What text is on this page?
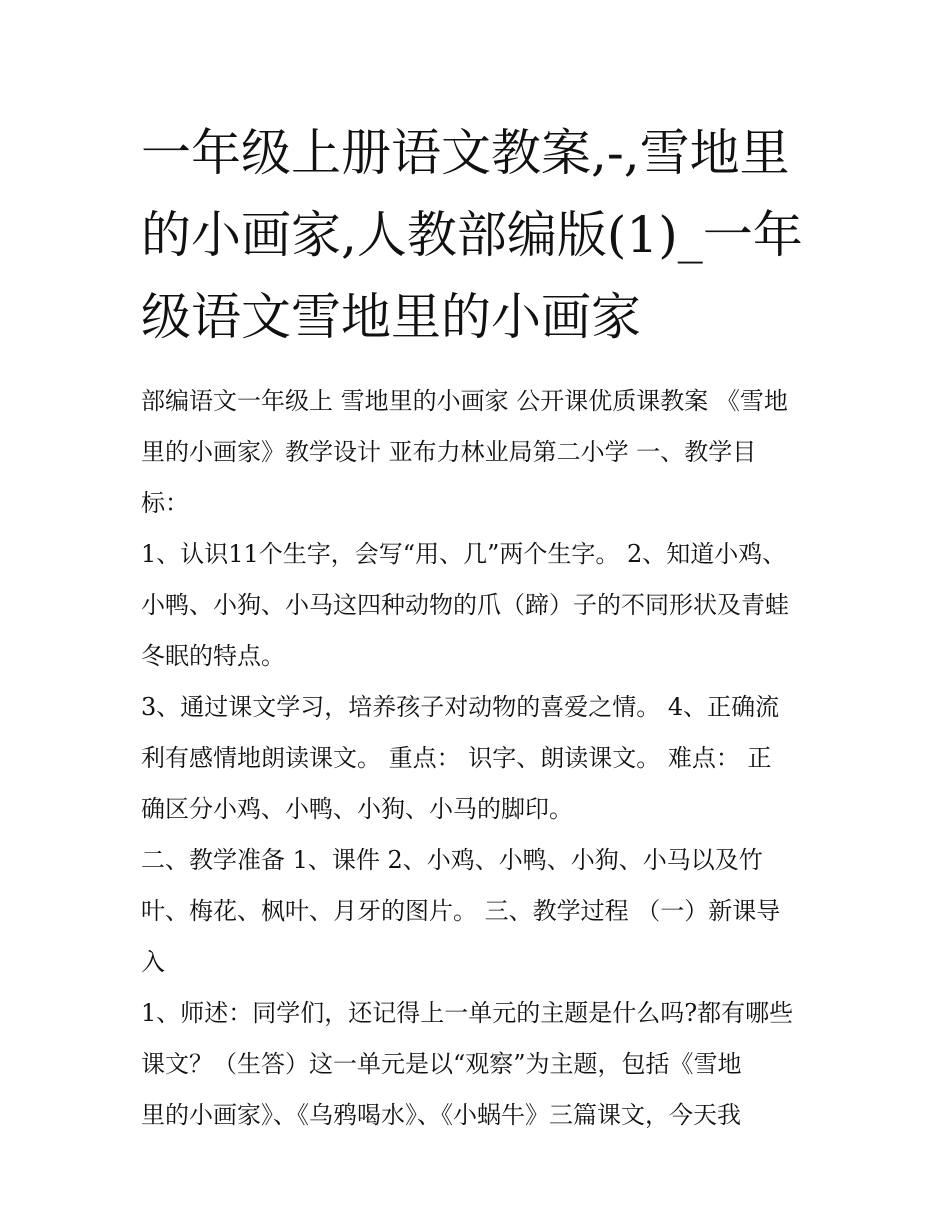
一年级上册语文教案,-,雪地里
的小画家,人教部编版(1)_一年
级语文雪地里的小画家

部编语文一年级上 雪地里的小画家 公开课优质课教案 《雪地
里的小画家》教学设计 亚布力林业局第二小学 一、教学目
标：

1、认识11个生字，会写“用、几”两个生字。 2、知道小鸡、
小鸭、小狗、小马这四种动物的爪（蹄）子的不同形状及青蛙
冬眠的特点。

3、通过课文学习，培养孩子对动物的喜爱之情。 4、正确流
利有感情地朗读课文。 重点： 识字、朗读课文。 难点： 正
确区分小鸡、小鸭、小狗、小马的脚印。

二、教学准备 1、课件 2、小鸡、小鸭、小狗、小马以及竹
叶、梅花、枫叶、月牙的图片。 三、教学过程 （一）新课导
入

1、师述：同学们，还记得上一单元的主题是什么吗?都有哪些
课文？（生答）这一单元是以“观察”为主题，包括《雪地
里的小画家》、《乌鸦喝水》、《小蜗牛》三篇课文，今天我
